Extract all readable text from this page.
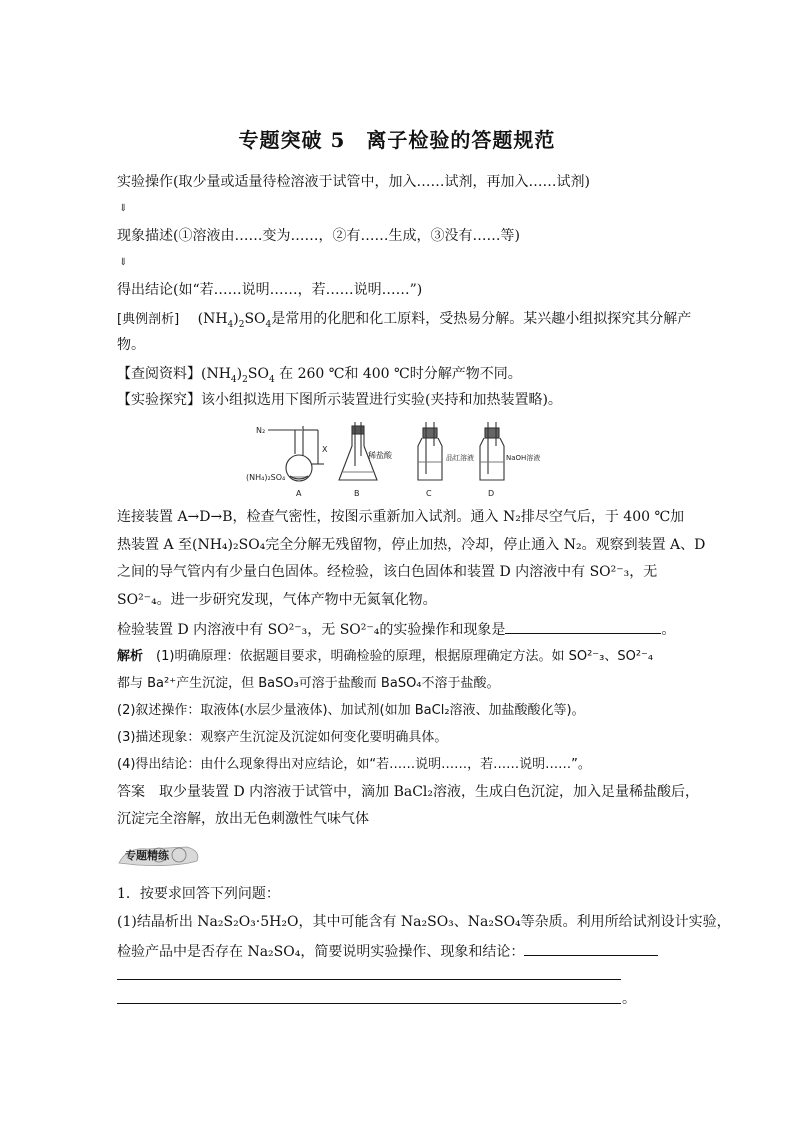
专题突破 5　离子检验的答题规范
实验操作(取少量或适量待检溶液于试管中，加入……试剂，再加入……试剂)
⇓
现象描述(①溶液由……变为……，②有……生成，③没有……等)
⇓
得出结论(如“若……说明……，若……说明……”)
[典例剖析]　 $(NH_4)_2SO_4$是常用的化肥和化工原料，受热易分解。某兴趣小组拟探究其分解产
物。
【查阅资料】$(NH_4)_2SO_4$ 在 260 ℃和 400 ℃时分解产物不同。
【实验探究】该小组拟选用下图所示装置进行实验(夹持和加热装置略)。
N₂
X
(NH₄)₂SO₄
稀盐酸	品红溶液	NaOH溶液
A	B	C	D
连接装置 A→D→B，检查气密性，按图示重新加入试剂。通入 N₂排尽空气后，于 400 ℃加
热装置 A 至(NH₄)₂SO₄完全分解无残留物，停止加热，冷却，停止通入 N₂。观察到装置 A、D
之间的导气管内有少量白色固体。经检验，该白色固体和装置 D 内溶液中有 SO²⁻₃，无
SO²⁻₄。进一步研究发现，气体产物中无氮氧化物。
检验装置 D 内溶液中有 SO²⁻₃，无 SO²⁻₄的实验操作和现象是	。
解析　 (1)明确原理：依据题目要求，明确检验的原理，根据原理确定方法。如 SO²⁻₃、SO²⁻₄
都与 Ba²⁺产生沉淀，但 BaSO₃可溶于盐酸而 BaSO₄不溶于盐酸。
(2)叙述操作：取液体(水层少量液体)、加试剂(如加 BaCl₂溶液、加盐酸酸化等)。
(3)描述现象：观察产生沉淀及沉淀如何变化要明确具体。
(4)得出结论：由什么现象得出对应结论，如“若……说明……，若……说明……”。
答案　 取少量装置 D 内溶液于试管中，滴加 BaCl₂溶液，生成白色沉淀，加入足量稀盐酸后，
沉淀完全溶解，放出无色刺激性气味气体
专题精练
1．按要求回答下列问题：
(1)结晶析出 Na₂S₂O₃·5H₂O，其中可能含有 Na₂SO₃、Na₂SO₄等杂质。利用所给试剂设计实验，
检验产品中是否存在 Na₂SO₄，简要说明实验操作、现象和结论：
。
